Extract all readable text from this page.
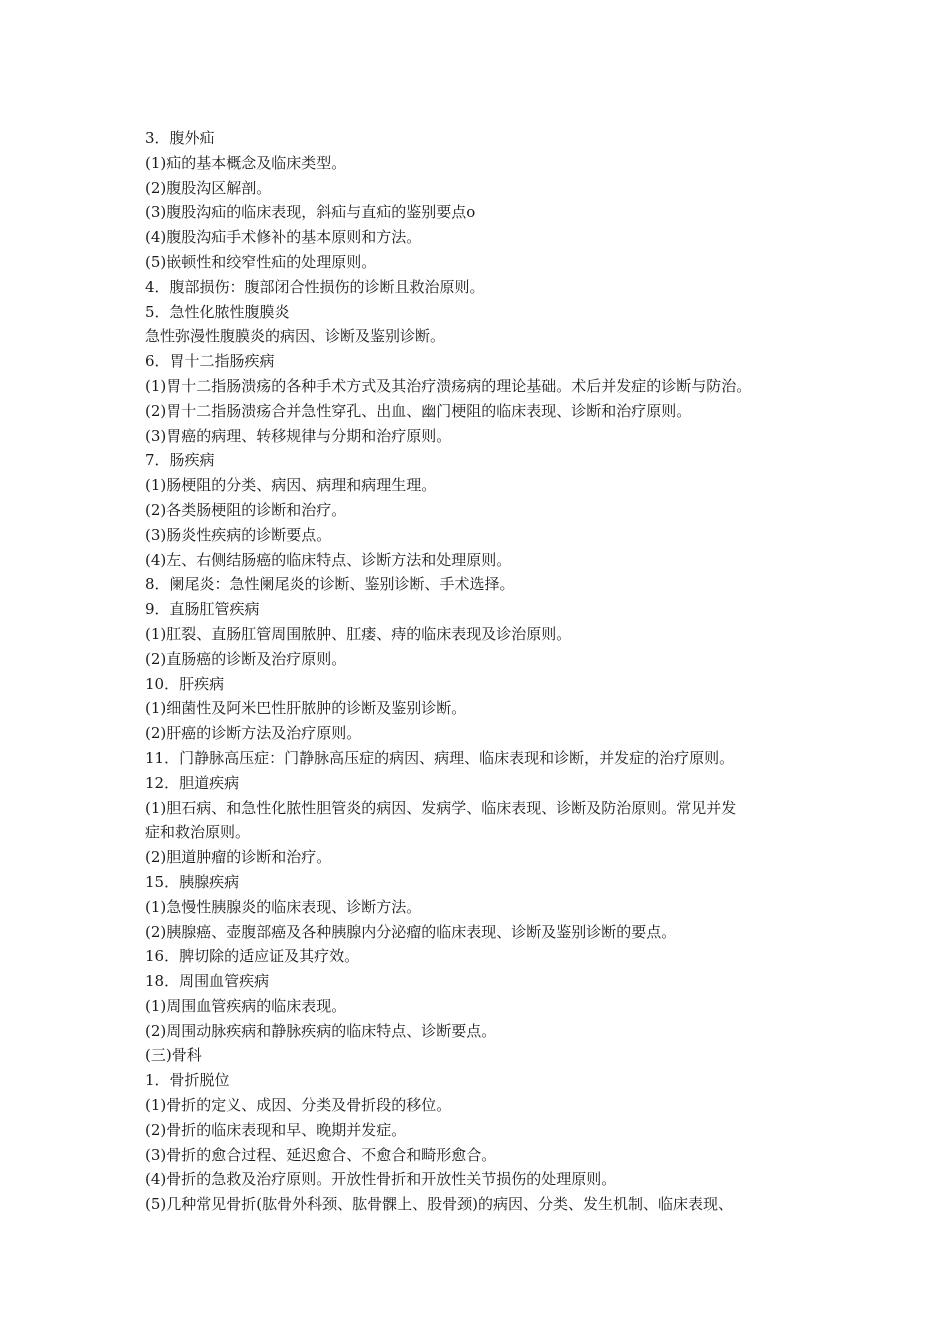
3．腹外疝

(1)疝的基本概念及临床类型。

(2)腹股沟区解剖。

(3)腹股沟疝的临床表现，斜疝与直疝的鉴别要点o

(4)腹股沟疝手术修补的基本原则和方法。

(5)嵌顿性和绞窄性疝的处理原则。

4．腹部损伤：腹部闭合性损伤的诊断且救治原则。

5．急性化脓性腹膜炎

急性弥漫性腹膜炎的病因、诊断及鉴别诊断。

6．胃十二指肠疾病

(1)胃十二指肠溃疡的各种手术方式及其治疗溃疡病的理论基础。术后并发症的诊断与防治。

(2)胃十二指肠溃疡合并急性穿孔、出血、幽门梗阻的临床表现、诊断和治疗原则。

(3)胃癌的病理、转移规律与分期和治疗原则。

7．肠疾病

(1)肠梗阻的分类、病因、病理和病理生理。

(2)各类肠梗阻的诊断和治疗。

(3)肠炎性疾病的诊断要点。

(4)左、右侧结肠癌的临床特点、诊断方法和处理原则。

8．阑尾炎：急性阑尾炎的诊断、鉴别诊断、手术选择。

9．直肠肛管疾病

(1)肛裂、直肠肛管周围脓肿、肛瘘、痔的临床表现及诊治原则。

(2)直肠癌的诊断及治疗原则。

10．肝疾病

(1)细菌性及阿米巴性肝脓肿的诊断及鉴别诊断。

(2)肝癌的诊断方法及治疗原则。

11．门静脉高压症：门静脉高压症的病因、病理、临床表现和诊断，并发症的治疗原则。

12．胆道疾病

(1)胆石病、和急性化脓性胆管炎的病因、发病学、临床表现、诊断及防治原则。常见并发

症和救治原则。

(2)胆道肿瘤的诊断和治疗。

15．胰腺疾病

(1)急慢性胰腺炎的临床表现、诊断方法。

(2)胰腺癌、壶腹部癌及各种胰腺内分泌瘤的临床表现、诊断及鉴别诊断的要点。

16．脾切除的适应证及其疗效。

18．周围血管疾病

(1)周围血管疾病的临床表现。

(2)周围动脉疾病和静脉疾病的临床特点、诊断要点。

(三)骨科

1．骨折脱位

(1)骨折的定义、成因、分类及骨折段的移位。

(2)骨折的临床表现和早、晚期并发症。

(3)骨折的愈合过程、延迟愈合、不愈合和畸形愈合。

(4)骨折的急救及治疗原则。开放性骨折和开放性关节损伤的处理原则。

(5)几种常见骨折(肱骨外科颈、肱骨髁上、股骨颈)的病因、分类、发生机制、临床表现、
